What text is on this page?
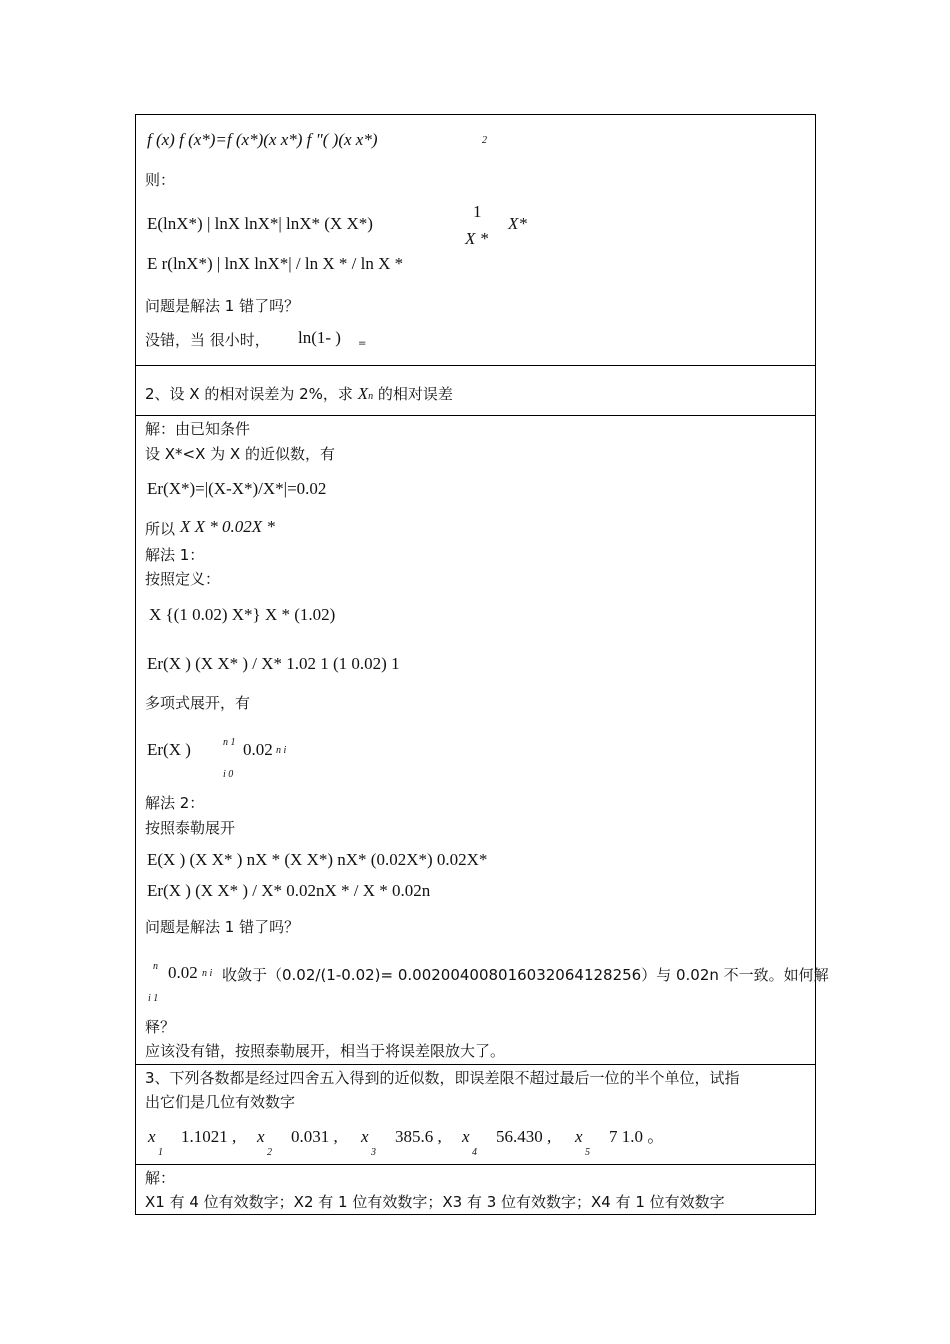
f (x) f (x*)=f (x*)(x x*) f "( )(x x*)	2
则：
E(lnX*) | lnX lnX*| lnX* (X X*)
1
X *
X*
E r(lnX*) | lnX lnX*| / ln X * / ln X *
问题是解法 1 错了吗？
没错，当 很小时， ln(1- ) =
2、设 X 的相对误差为 2%，求 Xn 的相对误差
解：由已知条件
设 X*<X 为 X 的近似数，有
Er(X*)=|(X-X*)/X*|=0.02
所以 X X * 0.02X *
解法 1：
按照定义：
X {(1 0.02) X*} X * (1.02)
Er(X ) (X X* ) / X* 1.02 1 (1 0.02) 1
多项式展开，有
Er(X )	n 1 0.02 n i
i 0
解法 2：
按照泰勒展开
E(X ) (X X* ) nX * (X X*) nX* (0.02X*) 0.02X*
Er(X ) (X X* ) / X* 0.02nX * / X * 0.02n
问题是解法 1 错了吗？
n 0.02 n i 收敛于（0.02/(1-0.02)= 0.0020040080160320641282​56）与 0.02n 不一致。如何解
i 1
释？
应该没有错，按照泰勒展开，相当于将误差限放大了。
3、下列各数都是经过四舍五入得到的近似数，即误差限不超过最后一位的半个单位，试指
出它们是几位有效数字
x
1
1.1021 , x
2
0.031 , x
3
385.6 , x
4
56.430 , x
5
7 1.0 。
解：
X1 有 4 位有效数字；X2 有 1 位有效数字；X3 有 3 位有效数字；X4 有 1 位有效数字
